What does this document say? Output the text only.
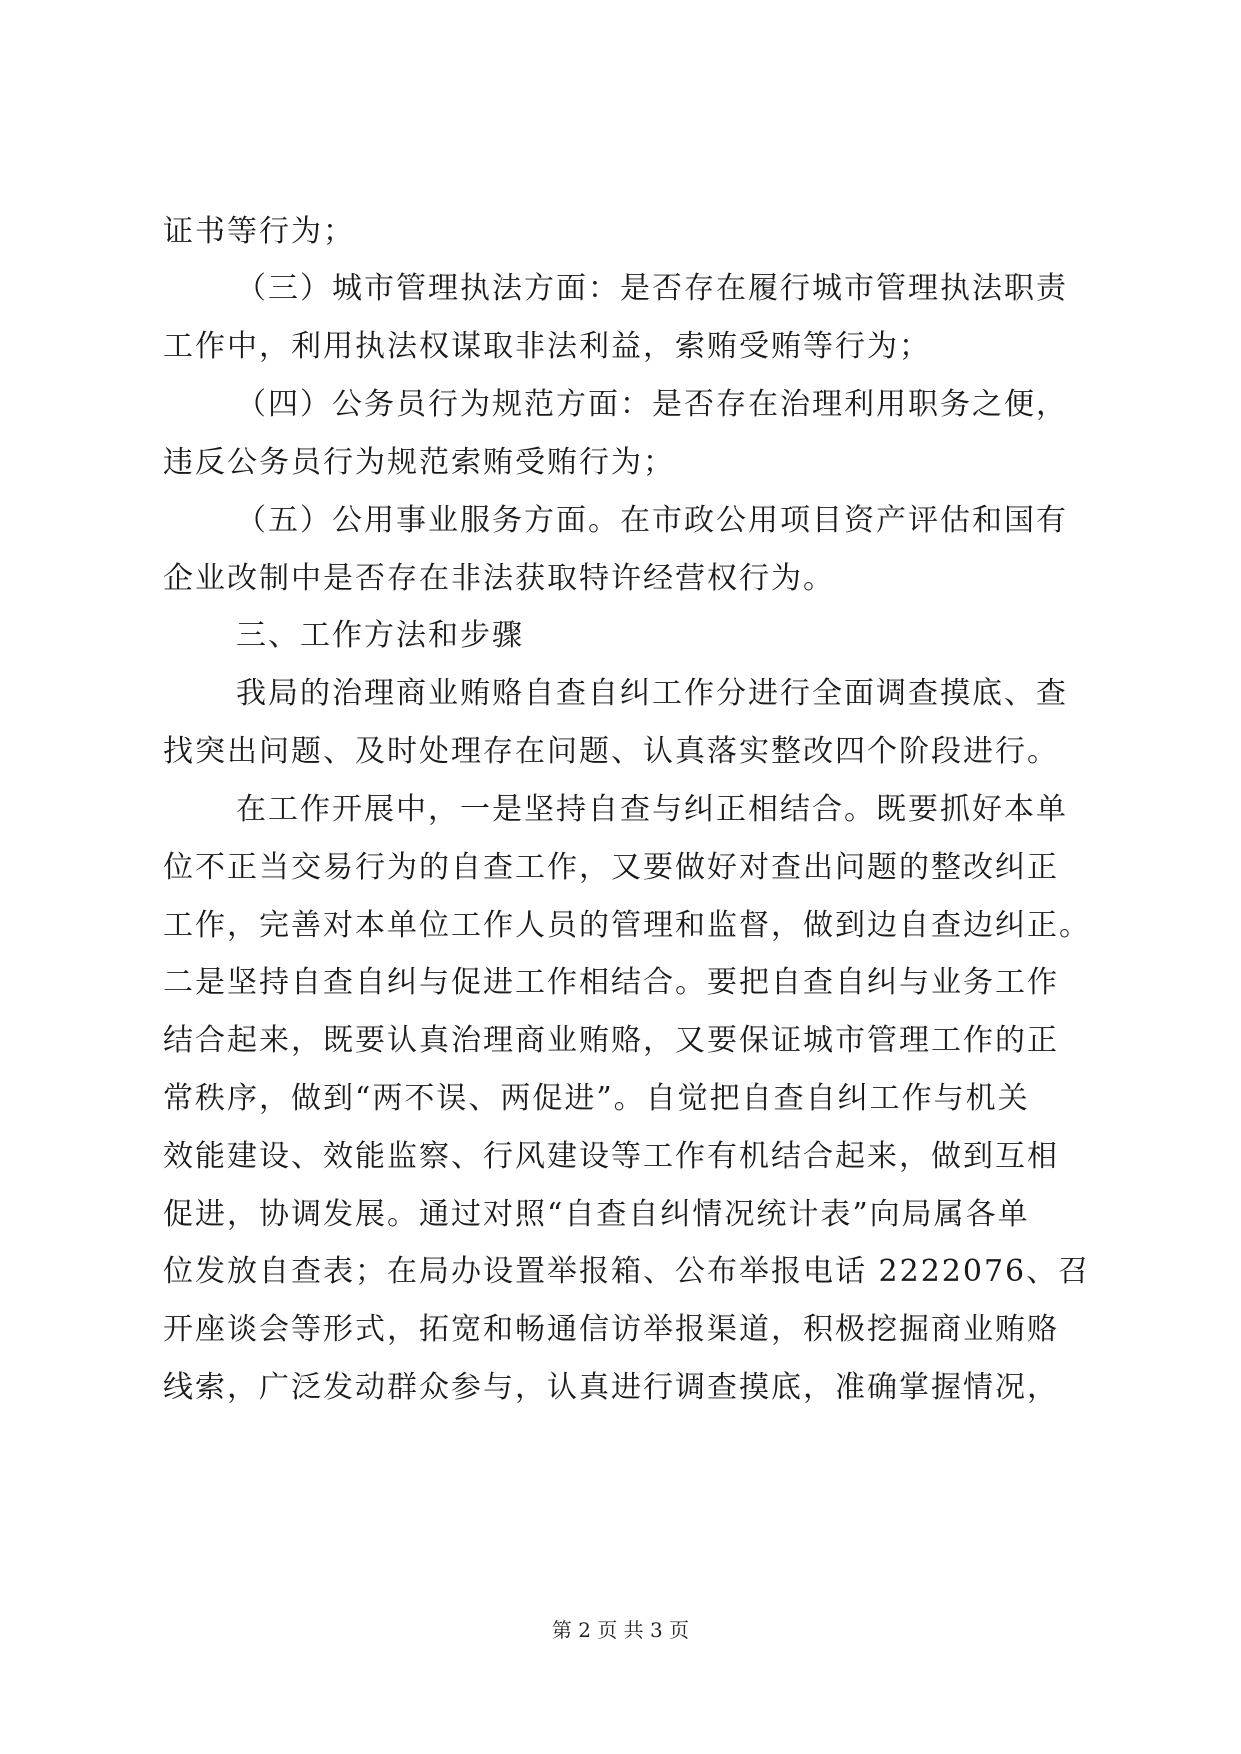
证书等行为；
（三）城市管理执法方面：是否存在履行城市管理执法职责
工作中，利用执法权谋取非法利益，索贿受贿等行为；
（四）公务员行为规范方面：是否存在治理利用职务之便，
违反公务员行为规范索贿受贿行为；
（五）公用事业服务方面。在市政公用项目资产评估和国有
企业改制中是否存在非法获取特许经营权行为。
三、工作方法和步骤
我局的治理商业贿赂自查自纠工作分进行全面调查摸底、查
找突出问题、及时处理存在问题、认真落实整改四个阶段进行。
在工作开展中，一是坚持自查与纠正相结合。既要抓好本单
位不正当交易行为的自查工作，又要做好对查出问题的整改纠正
工作，完善对本单位工作人员的管理和监督，做到边自查边纠正。
二是坚持自查自纠与促进工作相结合。要把自查自纠与业务工作
结合起来，既要认真治理商业贿赂，又要保证城市管理工作的正
常秩序，做到“两不误、两促进”。自觉把自查自纠工作与机关
效能建设、效能监察、行风建设等工作有机结合起来，做到互相
促进，协调发展。通过对照“自查自纠情况统计表”向局属各单
位发放自查表；在局办设置举报箱、公布举报电话 2222076、召
开座谈会等形式，拓宽和畅通信访举报渠道，积极挖掘商业贿赂
线索，广泛发动群众参与，认真进行调查摸底，准确掌握情况，
第 2 页 共 3 页
